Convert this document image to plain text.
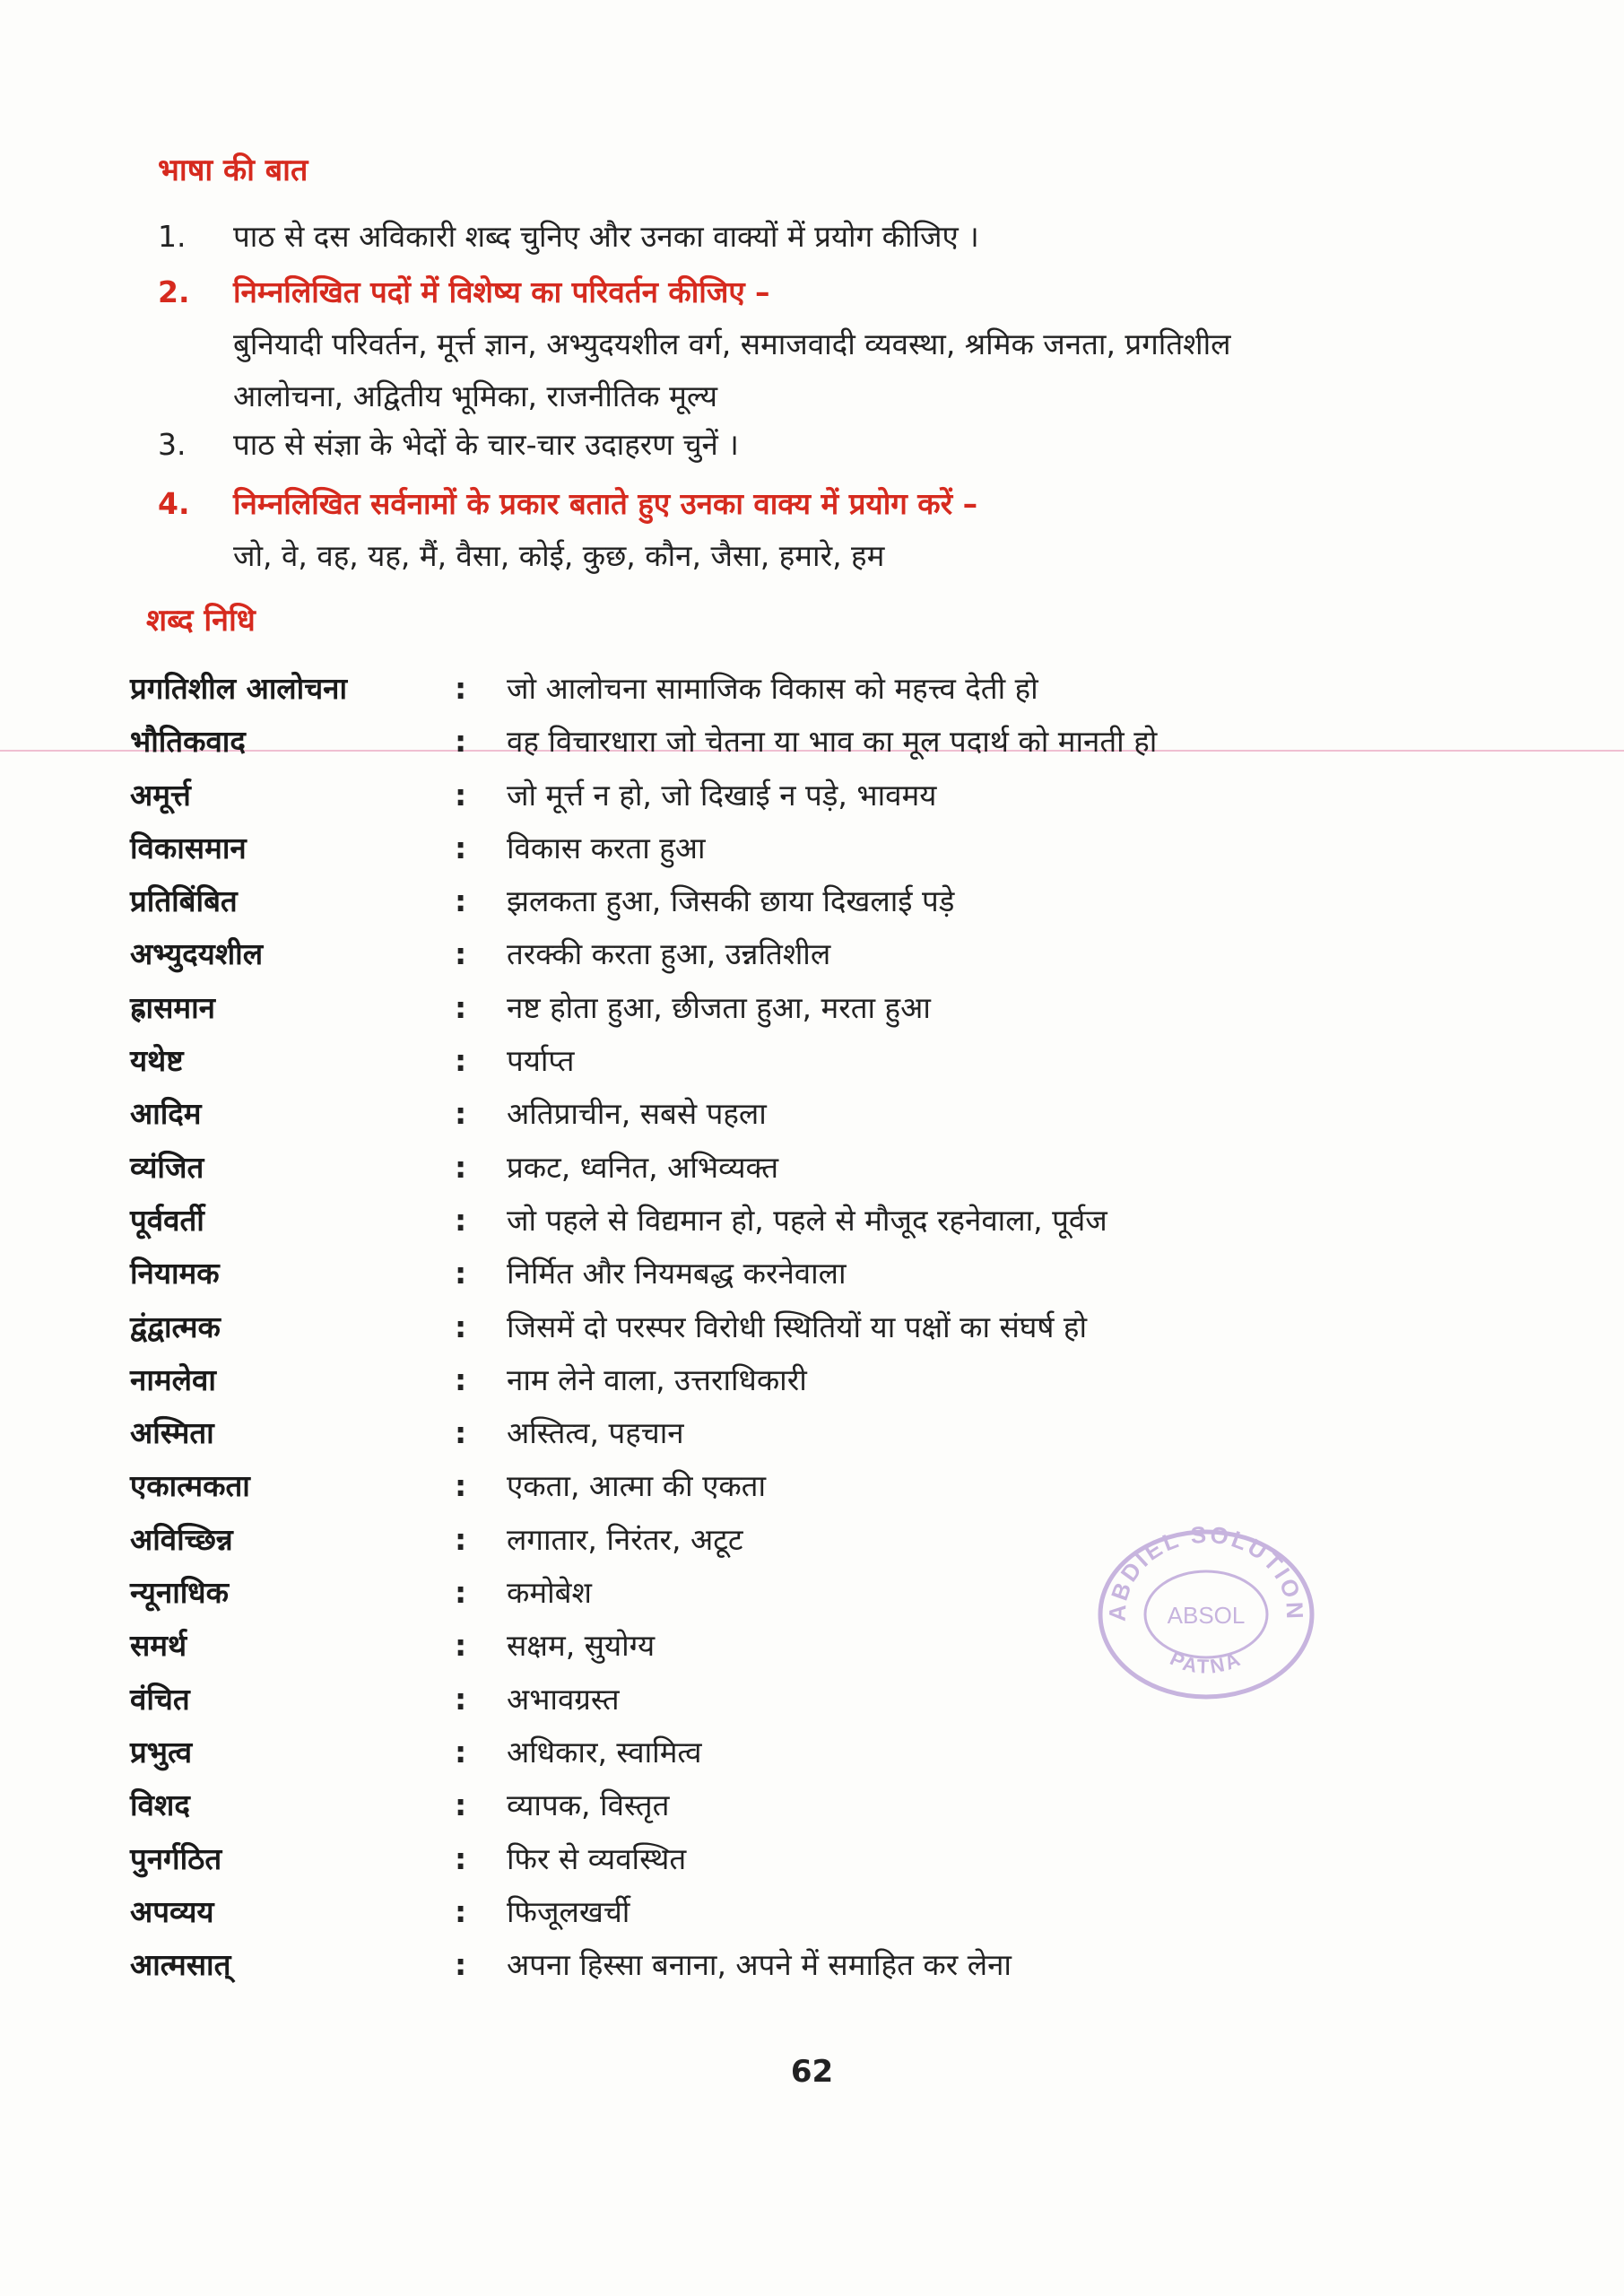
भाषा की बात
1.	पाठ से दस अविकारी शब्द चुनिए और उनका वाक्यों में प्रयोग कीजिए ।
2.	निम्नलिखित पदों में विशेष्य का परिवर्तन कीजिए –
बुनियादी परिवर्तन, मूर्त्त ज्ञान, अभ्युदयशील वर्ग, समाजवादी व्यवस्था, श्रमिक जनता, प्रगतिशील
आलोचना, अद्वितीय भूमिका, राजनीतिक मूल्य
3.	पाठ से संज्ञा के भेदों के चार-चार उदाहरण चुनें ।
4.	निम्नलिखित सर्वनामों के प्रकार बताते हुए उनका वाक्य में प्रयोग करें –
जो, वे, वह, यह, मैं, वैसा, कोई, कुछ, कौन, जैसा, हमारे, हम
शब्द निधि
प्रगतिशील आलोचना	: जो आलोचना सामाजिक विकास को महत्त्व देती हो
भौतिकवाद	: वह विचारधारा जो चेतना या भाव का मूल पदार्थ को मानती हो
अमूर्त्त	: जो मूर्त्त न हो, जो दिखाई न पड़े, भावमय
विकासमान	: विकास करता हुआ
प्रतिबिंबित	: झलकता हुआ, जिसकी छाया दिखलाई पड़े
अभ्युदयशील	: तरक्की करता हुआ, उन्नतिशील
ह्रासमान	: नष्ट होता हुआ, छीजता हुआ, मरता हुआ
यथेष्ट	: पर्याप्त
आदिम	: अतिप्राचीन, सबसे पहला
व्यंजित	: प्रकट, ध्वनित, अभिव्यक्त
पूर्ववर्ती	: जो पहले से विद्यमान हो, पहले से मौजूद रहनेवाला, पूर्वज
नियामक	: निर्मित और नियमबद्ध करनेवाला
द्वंद्वात्मक	: जिसमें दो परस्पर विरोधी स्थितियों या पक्षों का संघर्ष हो
नामलेवा	: नाम लेने वाला, उत्तराधिकारी
अस्मिता	: अस्तित्व, पहचान
एकात्मकता	: एकता, आत्मा की एकता
अविच्छिन्न	: लगातार, निरंतर, अटूट
न्यूनाधिक	: कमोबेश
समर्थ	: सक्षम, सुयोग्य
वंचित	: अभावग्रस्त
प्रभुत्व	: अधिकार, स्वामित्व
विशद	: व्यापक, विस्तृत
पुनर्गठित	: फिर से व्यवस्थित
अपव्यय	: फिजूलखर्ची
आत्मसात्	: अपना हिस्सा बनाना, अपने में समाहित कर लेना
ABDIEL SOLUTION
ABSOL
PATNA
62
